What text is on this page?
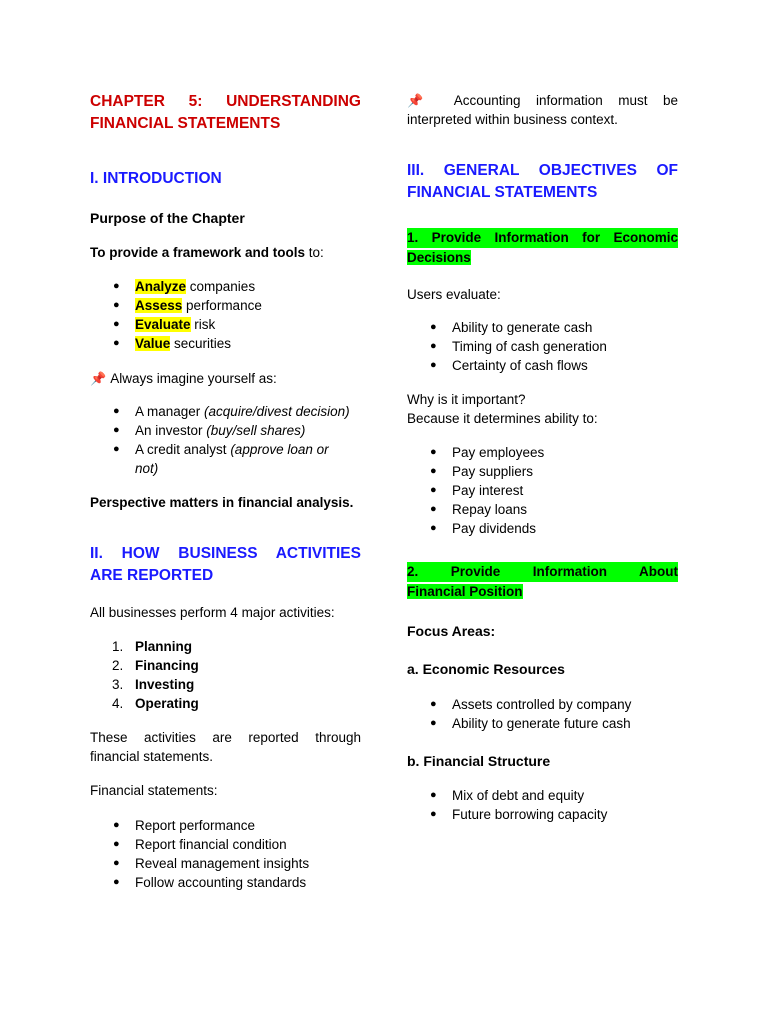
CHAPTER 5: UNDERSTANDING
FINANCIAL STATEMENTS
I. INTRODUCTION
Purpose of the Chapter
To provide a framework and tools to:
● Analyze companies
● Assess performance
● Evaluate risk
● Value securities
📌 Always imagine yourself as:
● A manager (acquire/divest decision)
● An investor (buy/sell shares)
● A credit analyst (approve loan or not)
Perspective matters in financial analysis.
II. HOW BUSINESS ACTIVITIES
ARE REPORTED
All businesses perform 4 major activities:
1. Planning
2. Financing
3. Investing
4. Operating
These activities are reported through
financial statements.
Financial statements:
● Report performance
● Report financial condition
● Reveal management insights
● Follow accounting standards
📌 Accounting information must be
interpreted within business context.
III. GENERAL OBJECTIVES OF
FINANCIAL STATEMENTS
1. Provide Information for Economic
Decisions
Users evaluate:
● Ability to generate cash
● Timing of cash generation
● Certainty of cash flows
Why is it important?
Because it determines ability to:
● Pay employees
● Pay suppliers
● Pay interest
● Repay loans
● Pay dividends
2. Provide Information About
Financial Position
Focus Areas:
a. Economic Resources
● Assets controlled by company
● Ability to generate future cash
b. Financial Structure
● Mix of debt and equity
● Future borrowing capacity
